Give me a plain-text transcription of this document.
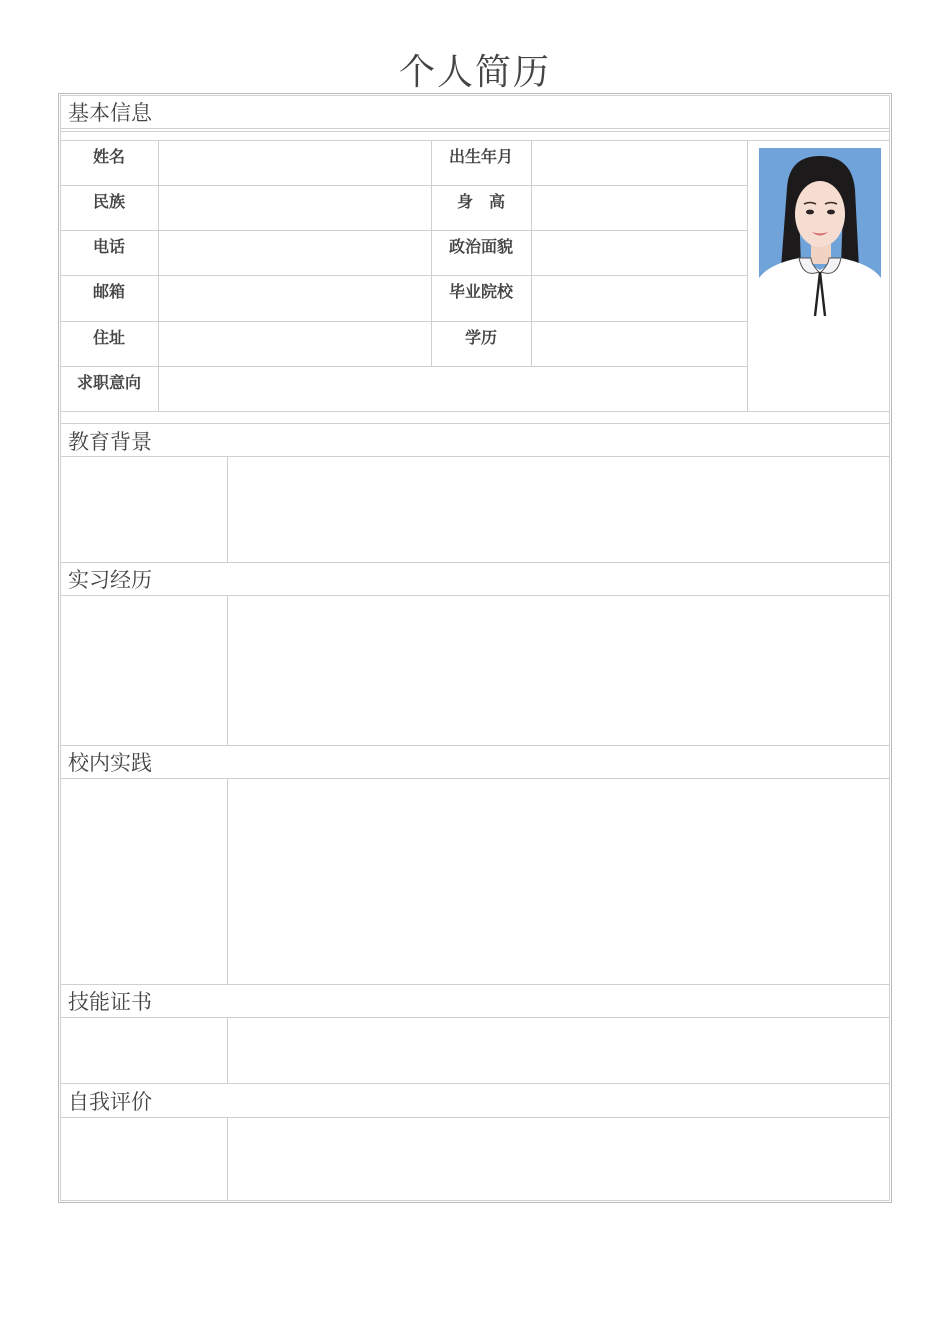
个人简历
基本信息
姓名	出生年月
民族	身　高
电话	政治面貌
邮箱	毕业院校
住址	学历
求职意向
教育背景
实习经历
校内实践
技能证书
自我评价
